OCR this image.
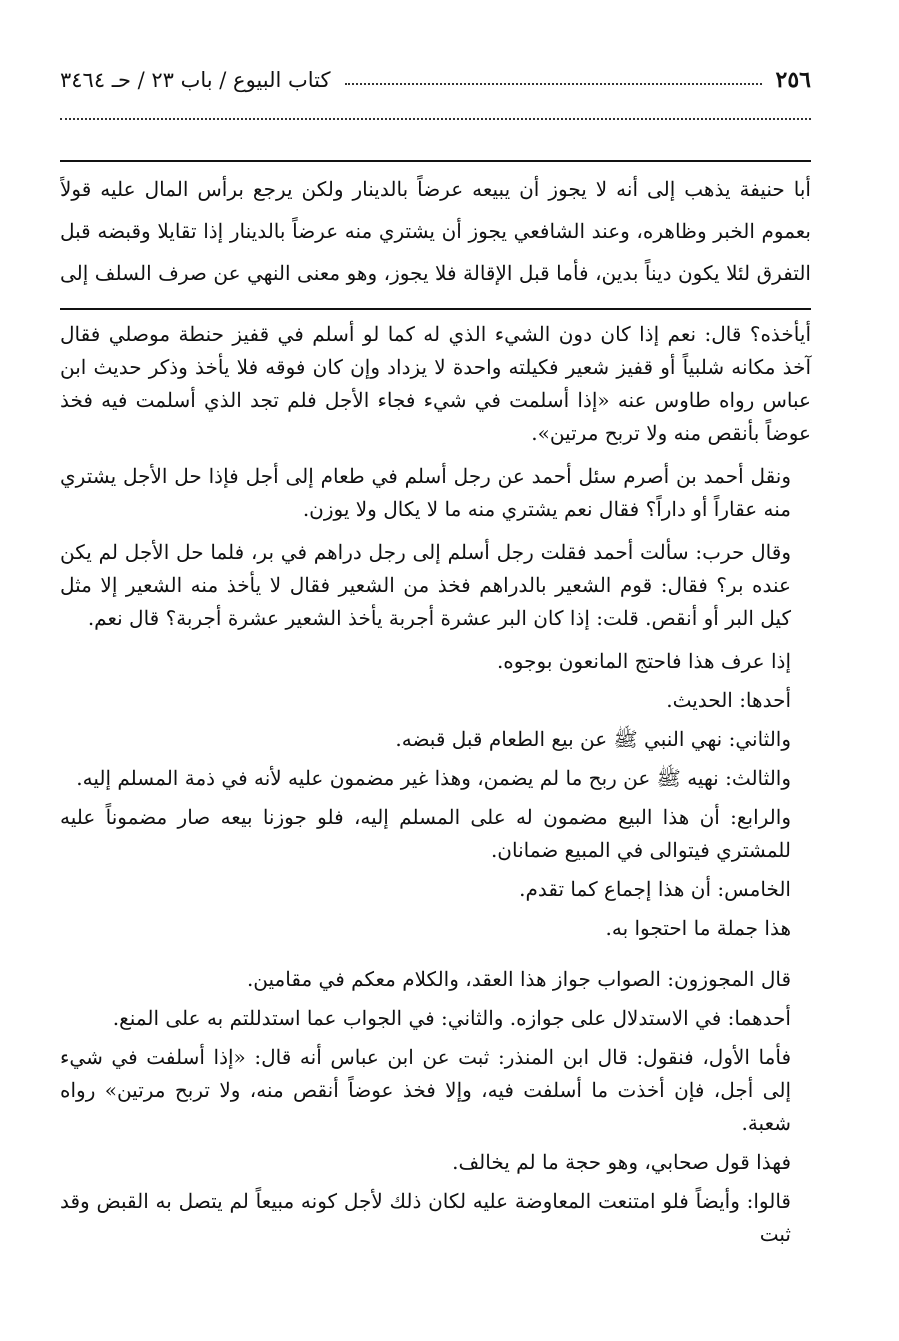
٢٥٦
كتاب البيوع / باب ٢٣ / حـ ٣٤٦٤
أبا حنيفة يذهب إلى أنه لا يجوز أن يبيعه عرضاً بالدينار ولكن يرجع برأس المال عليه قولاً
بعموم الخبر وظاهره، وعند الشافعي يجوز أن يشتري منه عرضاً بالدينار إذا تقايلا وقبضه قبل
التفرق لئلا يكون ديناً بدين، فأما قبل الإقالة فلا يجوز، وهو معنى النهي عن صرف السلف إلى

أيأخذه؟ قال: نعم إذا كان دون الشيء الذي له كما لو أسلم في قفيز حنطة موصلي فقال آخذ مكانه شلبياً أو قفيز شعير فكيلته واحدة لا يزداد وإن كان فوقه فلا يأخذ وذكر حديث ابن عباس رواه طاوس عنه «إذا أسلمت في شيء فجاء الأجل فلم تجد الذي أسلمت فيه فخذ عوضاً بأنقص منه ولا تربح مرتين».

ونقل أحمد بن أصرم سئل أحمد عن رجل أسلم في طعام إلى أجل فإذا حل الأجل يشتري منه عقاراً أو داراً؟ فقال نعم يشتري منه ما لا يكال ولا يوزن.

وقال حرب: سألت أحمد فقلت رجل أسلم إلى رجل دراهم في بر، فلما حل الأجل لم يكن عنده بر؟ فقال: قوم الشعير بالدراهم فخذ من الشعير فقال لا يأخذ منه الشعير إلا مثل كيل البر أو أنقص. قلت: إذا كان البر عشرة أجربة يأخذ الشعير عشرة أجربة؟ قال نعم.

إذا عرف هذا فاحتج المانعون بوجوه.

أحدها: الحديث.

والثاني: نهي النبي ﷺ عن بيع الطعام قبل قبضه.

والثالث: نهيه ﷺ عن ربح ما لم يضمن، وهذا غير مضمون عليه لأنه في ذمة المسلم إليه.

والرابع: أن هذا البيع مضمون له على المسلم إليه، فلو جوزنا بيعه صار مضموناً عليه للمشتري فيتوالى في المبيع ضمانان.

الخامس: أن هذا إجماع كما تقدم.

هذا جملة ما احتجوا به.

قال المجوزون: الصواب جواز هذا العقد، والكلام معكم في مقامين.

أحدهما: في الاستدلال على جوازه. والثاني: في الجواب عما استدللتم به على المنع.

فأما الأول، فنقول: قال ابن المنذر: ثبت عن ابن عباس أنه قال: «إذا أسلفت في شيء إلى أجل، فإن أخذت ما أسلفت فيه، وإلا فخذ عوضاً أنقص منه، ولا تربح مرتين» رواه شعبة.

فهذا قول صحابي، وهو حجة ما لم يخالف.

قالوا: وأيضاً فلو امتنعت المعاوضة عليه لكان ذلك لأجل كونه مبيعاً لم يتصل به القبض وقد ثبت
